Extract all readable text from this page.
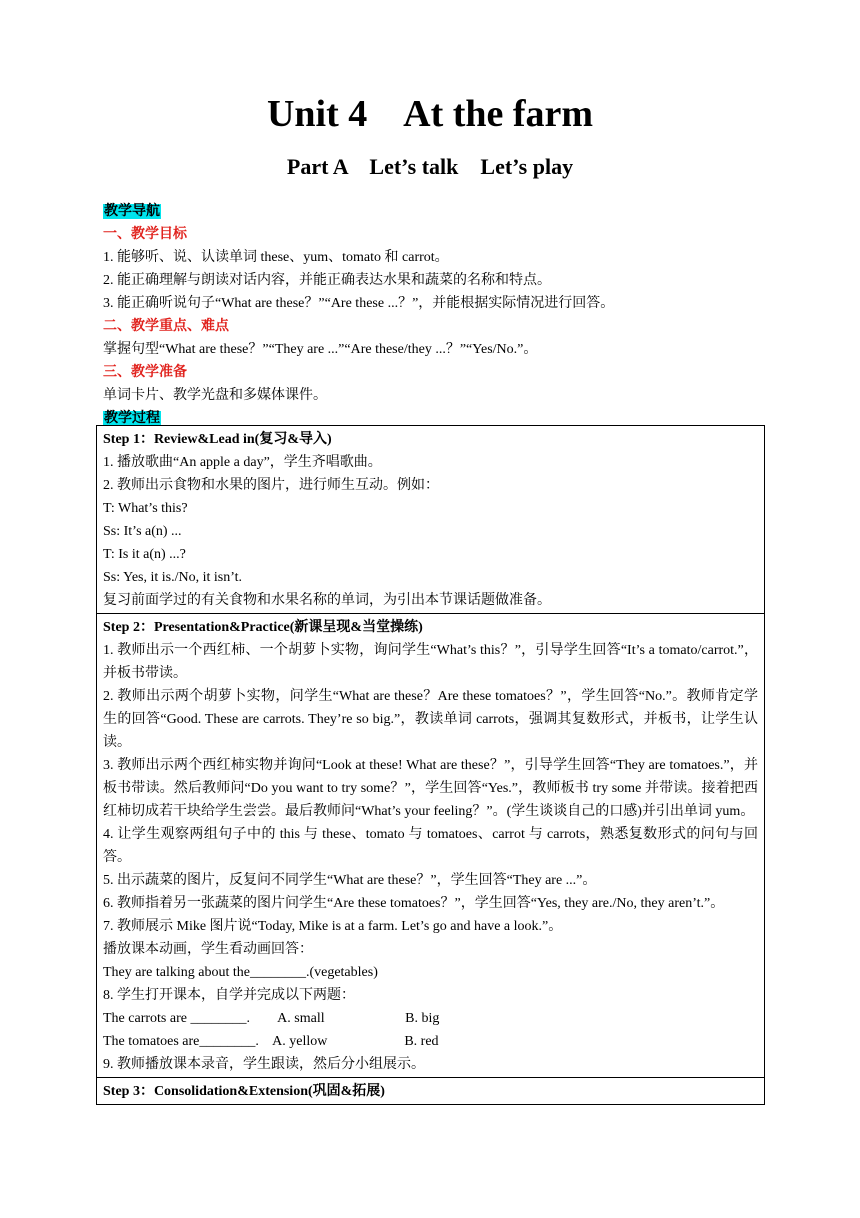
Unit 4    At the farm
Part A    Let’s talk    Let’s play
教学导航
一、教学目标
1. 能够听、说、认读单词 these、yum、tomato 和 carrot。
2. 能正确理解与朗读对话内容，并能正确表达水果和蔬菜的名称和特点。
3. 能正确听说句子“What are these？”“Are these ...？”，并能根据实际情况进行回答。
二、教学重点、难点
掌握句型“What are these？”“They are ...”“Are these/they ...？”“Yes/No.”。
三、教学准备
单词卡片、教学光盘和多媒体课件。
教学过程
Step 1：Review&Lead in(复习&导入)
1. 播放歌曲“An apple a day”，学生齐唱歌曲。
2. 教师出示食物和水果的图片，进行师生互动。例如：
T: What’s this?
Ss: It’s a(n) ...
T: Is it a(n) ...?
Ss: Yes, it is./No, it isn’t.
复习前面学过的有关食物和水果名称的单词，为引出本节课话题做准备。

Step 2：Presentation&Practice(新课呈现&当堂操练)
1. 教师出示一个西红柿、一个胡萝卜实物，询问学生“What’s this？”，引导学生回答“It’s a tomato/carrot.”，并板书带读。
2. 教师出示两个胡萝卜实物，问学生“What are these？Are these tomatoes？”，学生回答“No.”。教师肯定学生的回答“Good. These are carrots. They’re so big.”，教读单词 carrots，强调其复数形式，并板书，让学生认读。
3. 教师出示两个西红柿实物并询问“Look at these! What are these？”，引导学生回答“They are tomatoes.”，并板书带读。然后教师问“Do you want to try some？”，学生回答“Yes.”，教师板书 try some 并带读。接着把西红柿切成若干块给学生尝尝。最后教师问“What’s your feeling？”。(学生谈谈自己的口感)并引出单词 yum。
4. 让学生观察两组句子中的 this 与 these、tomato 与 tomatoes、carrot 与 carrots，熟悉复数形式的问句与回答。
5. 出示蔬菜的图片，反复问不同学生“What are these？”，学生回答“They are ...”。
6. 教师指着另一张蔬菜的图片问学生“Are these tomatoes？”，学生回答“Yes, they are./No, they aren’t.”。
7. 教师展示 Mike 图片说“Today, Mike is at a farm. Let’s go and have a look.”。
播放课本动画，学生看动画回答：
They are talking about the________.(vegetables)
8. 学生打开课本，自学并完成以下两题：
The carrots are ________.        A. small                       B. big
The tomatoes are________.    A. yellow                      B. red
9. 教师播放课本录音，学生跟读，然后分小组展示。

Step 3：Consolidation&Extension(巩固&拓展)
